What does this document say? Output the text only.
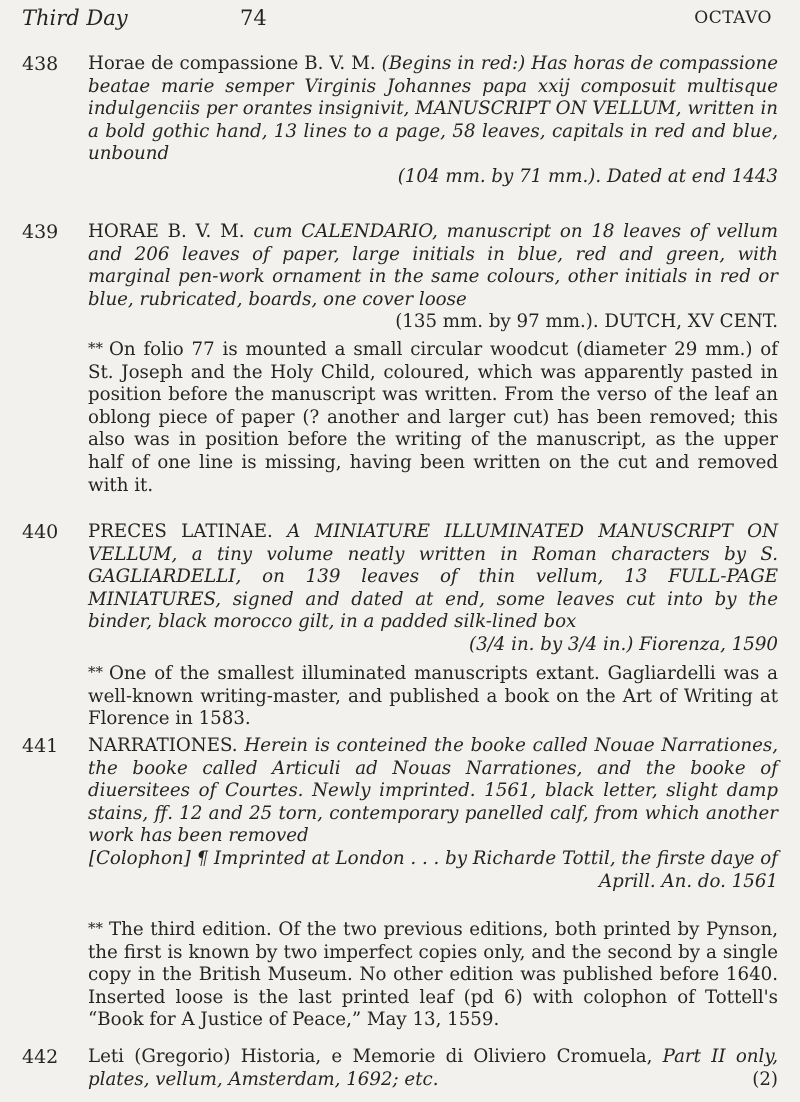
Third Day	74	OCTAVO
438 Horae de compassione B. V. M. (Begins in red:) Has horas de compassione beatae marie semper Virginis Johannes papa xxij composuit multisque indulgenciis per orantes insignivit, MANUSCRIPT ON VELLUM, written in a bold gothic hand, 13 lines to a page, 58 leaves, capitals in red and blue, unbound
(104 mm. by 71 mm.). Dated at end 1443
439 HORAE B. V. M. cum CALENDARIO, manuscript on 18 leaves of vellum and 206 leaves of paper, large initials in blue, red and green, with marginal pen-work ornament in the same colours, other initials in red or blue, rubricated, boards, one cover loose
(135 mm. by 97 mm.). DUTCH, XV CENT.
** On folio 77 is mounted a small circular woodcut (diameter 29 mm.) of St. Joseph and the Holy Child, coloured, which was apparently pasted in position before the manuscript was written. From the verso of the leaf an oblong piece of paper (? another and larger cut) has been removed; this also was in position before the writing of the manuscript, as the upper half of one line is missing, having been written on the cut and removed with it.
440 PRECES LATINAE. A MINIATURE ILLUMINATED MANUSCRIPT ON VELLUM, a tiny volume neatly written in Roman characters by S. GAGLIARDELLI, on 139 leaves of thin vellum, 13 FULL-PAGE MINIATURES, signed and dated at end, some leaves cut into by the binder, black morocco gilt, in a padded silk-lined box
(3/4 in. by 3/4 in.) Fiorenza, 1590
** One of the smallest illuminated manuscripts extant. Gagliardelli was a well-known writing-master, and published a book on the Art of Writing at Florence in 1583.
441 NARRATIONES. Herein is conteined the booke called Nouae Narrationes, the booke called Articuli ad Nouas Narrationes, and the booke of diuersitees of Courtes. Newly imprinted. 1561, black letter, slight damp stains, ff. 12 and 25 torn, contemporary panelled calf, from which another work has been removed
[Colophon] ¶ Imprinted at London . . . by Richarde Tottil, the firste daye of Aprill. An. do. 1561
** The third edition. Of the two previous editions, both printed by Pynson, the first is known by two imperfect copies only, and the second by a single copy in the British Museum. No other edition was published before 1640. Inserted loose is the last printed leaf (pd 6) with colophon of Tottell's “Book for A Justice of Peace,” May 13, 1559.
442 Leti (Gregorio) Historia, e Memorie di Oliviero Cromuela, Part II only, plates, vellum, Amsterdam, 1692; etc.	(2)
